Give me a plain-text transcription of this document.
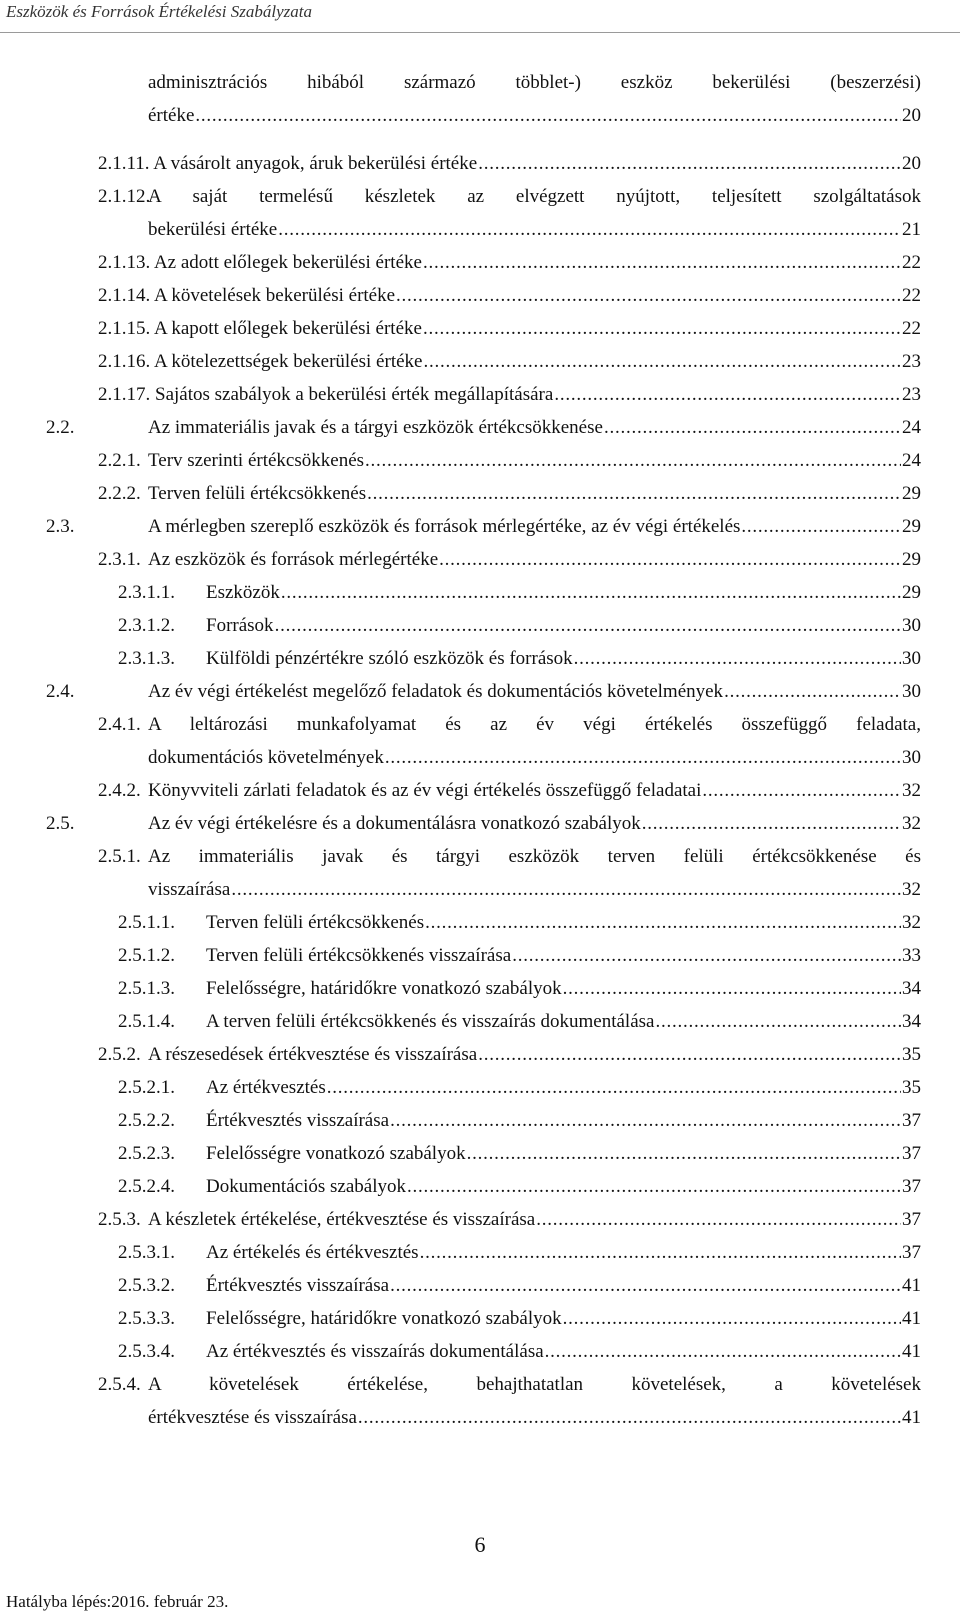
Eszközök és Források Értékelési Szabályzata
adminisztrációs hibából származó többlet-) eszköz bekerülési (beszerzési)
értéke . . .	20
2.1.11. A vásárolt anyagok, áruk bekerülési értéke . . .	20
2.1.12.
A saját termelésű készletek az elvégzett nyújtott, teljesített szolgáltatások
bekerülési értéke . . .	21
2.1.13. Az adott előlegek bekerülési értéke . . .	22
2.1.14. A követelések bekerülési értéke . . .	22
2.1.15. A kapott előlegek bekerülési értéke . . .	22
2.1.16. A kötelezettségek bekerülési értéke . . .	23
2.1.17. Sajátos szabályok a bekerülési érték megállapítására . . .	23
2.2.	Az immateriális javak és a tárgyi eszközök értékcsökkenése . . .	24
2.2.1. Terv szerinti értékcsökkenés . . .	24
2.2.2. Terven felüli értékcsökkenés . . .	29
2.3.	A mérlegben szereplő eszközök és források mérlegértéke, az év végi értékelés . . .	29
2.3.1. Az eszközök és források mérlegértéke . . .	29
2.3.1.1.	Eszközök . . .	29
2.3.1.2.	Források . . .	30
2.3.1.3.	Külföldi pénzértékre szóló eszközök és források . . .	30
2.4.	Az év végi értékelést megelőző feladatok és dokumentációs követelmények . . .	30
2.4.1. A leltározási munkafolyamat és az év végi értékelés összefüggő feladata,
dokumentációs követelmények . . .	30
2.4.2. Könyvviteli zárlati feladatok és az év végi értékelés összefüggő feladatai . . .	32
2.5.	Az év végi értékelésre és a dokumentálásra vonatkozó szabályok . . .	32
2.5.1. Az immateriális javak és tárgyi eszközök terven felüli értékcsökkenése és
visszaírása . . .	32
2.5.1.1.	Terven felüli értékcsökkenés . . .	32
2.5.1.2.	Terven felüli értékcsökkenés visszaírása . . .	33
2.5.1.3.	Felelősségre, határidőkre vonatkozó szabályok . . .	34
2.5.1.4.	A terven felüli értékcsökkenés és visszaírás dokumentálása . . .	34
2.5.2. A részesedések értékvesztése és visszaírása . . .	35
2.5.2.1.	Az értékvesztés . . .	35
2.5.2.2.	Értékvesztés visszaírása . . .	37
2.5.2.3.	Felelősségre vonatkozó szabályok . . .	37
2.5.2.4.	Dokumentációs szabályok . . .	37
2.5.3. A készletek értékelése, értékvesztése és visszaírása . . .	37
2.5.3.1.	Az értékelés és értékvesztés . . .	37
2.5.3.2.	Értékvesztés visszaírása . . .	41
2.5.3.3.	Felelősségre, határidőkre vonatkozó szabályok . . .	41
2.5.3.4.	Az értékvesztés és visszaírás dokumentálása . . .	41
2.5.4. A követelések értékelése, behajthatatlan követelések, a követelések
értékvesztése és visszaírása . . .	41
6
Hatályba lépés:2016. február 23.
